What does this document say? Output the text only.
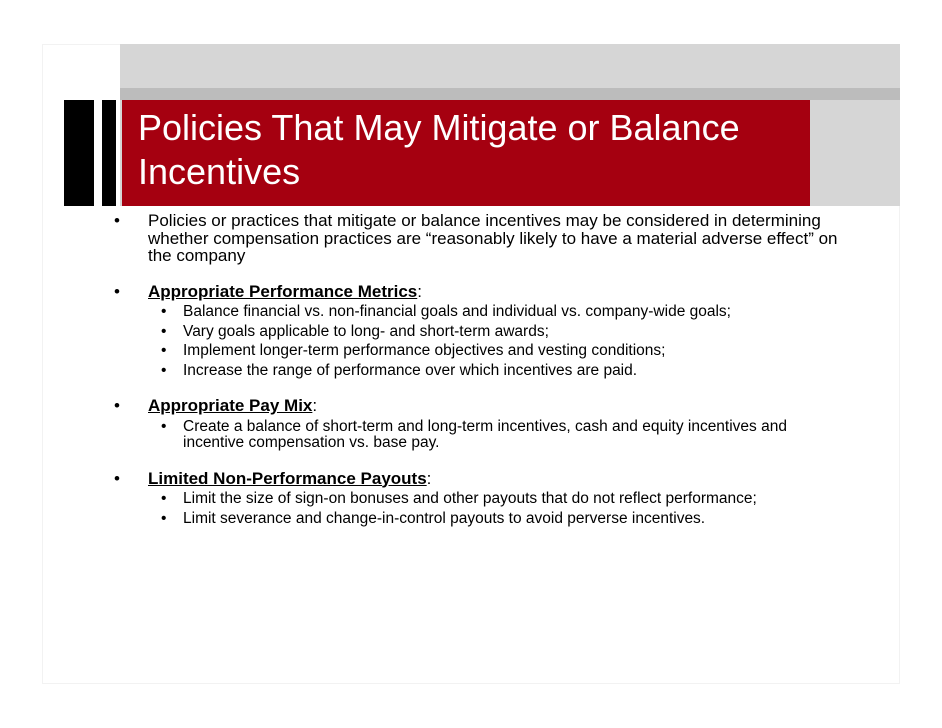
Policies That May Mitigate or Balance Incentives
• Policies or practices that mitigate or balance incentives may be considered in determining whether compensation practices are “reasonably likely to have a material adverse effect” on the company
• Appropriate Performance Metrics:
• Balance financial vs. non-financial goals and individual vs. company-wide goals;
• Vary goals applicable to long- and short-term awards;
• Implement longer-term performance objectives and vesting conditions;
• Increase the range of performance over which incentives are paid.
• Appropriate Pay Mix:
• Create a balance of short-term and long-term incentives, cash and equity incentives and incentive compensation vs. base pay.
• Limited Non-Performance Payouts:
• Limit the size of sign-on bonuses and other payouts that do not reflect performance;
• Limit severance and change-in-control payouts to avoid perverse incentives.
